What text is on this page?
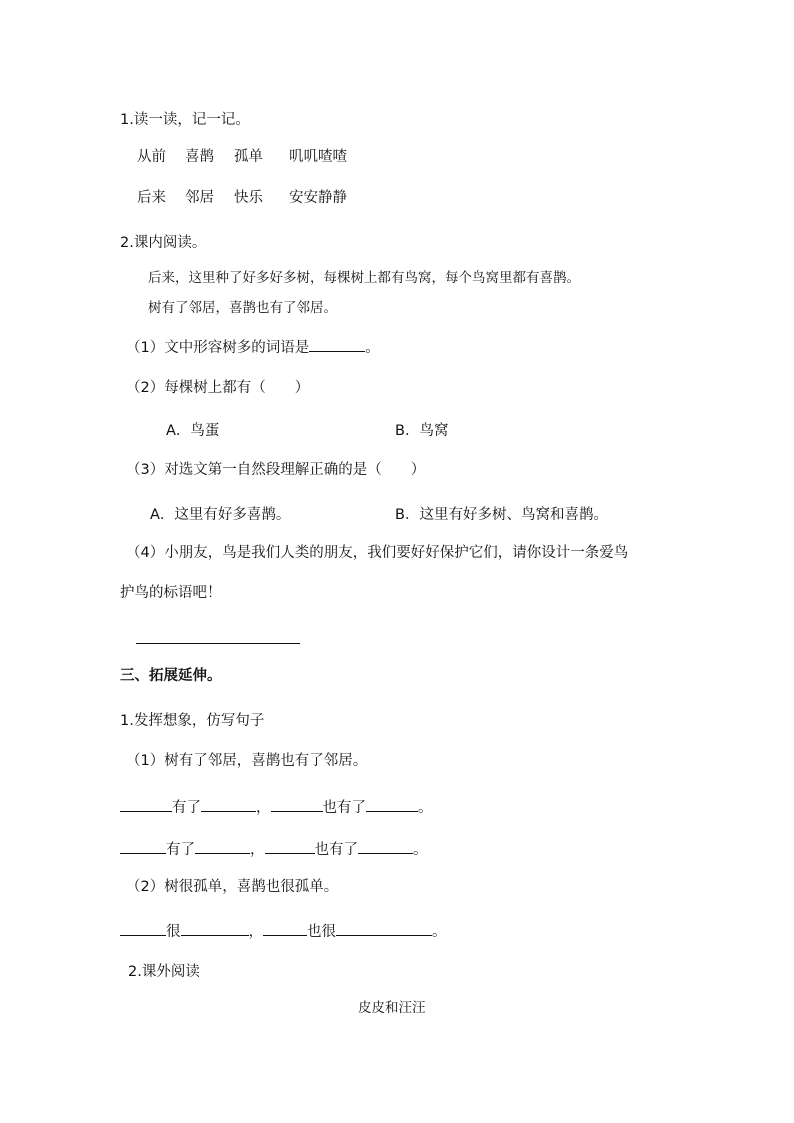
1.读一读，记一记。
从前 喜鹊 孤单 叽叽喳喳
后来 邻居 快乐 安安静静
2.课内阅读。
后来，这里种了好多好多树，每棵树上都有鸟窝，每个鸟窝里都有喜鹊。
树有了邻居，喜鹊也有了邻居。
（1）文中形容树多的词语是	。
（2）每棵树上都有（　　）
A．鸟蛋	B．鸟窝
（3）对选文第一自然段理解正确的是（　　）
A．这里有好多喜鹊。	B．这里有好多树、鸟窝和喜鹊。
（4）小朋友，鸟是我们人类的朋友，我们要好好保护它们，请你设计一条爱鸟
护鸟的标语吧！
三、拓展延伸。
1.发挥想象，仿写句子
（1）树有了邻居，喜鹊也有了邻居。
有了	，	也有了	。
有了	，	也有了	。
（2）树很孤单，喜鹊也很孤单。
很	，	也很	。
2.课外阅读
皮皮和汪汪
